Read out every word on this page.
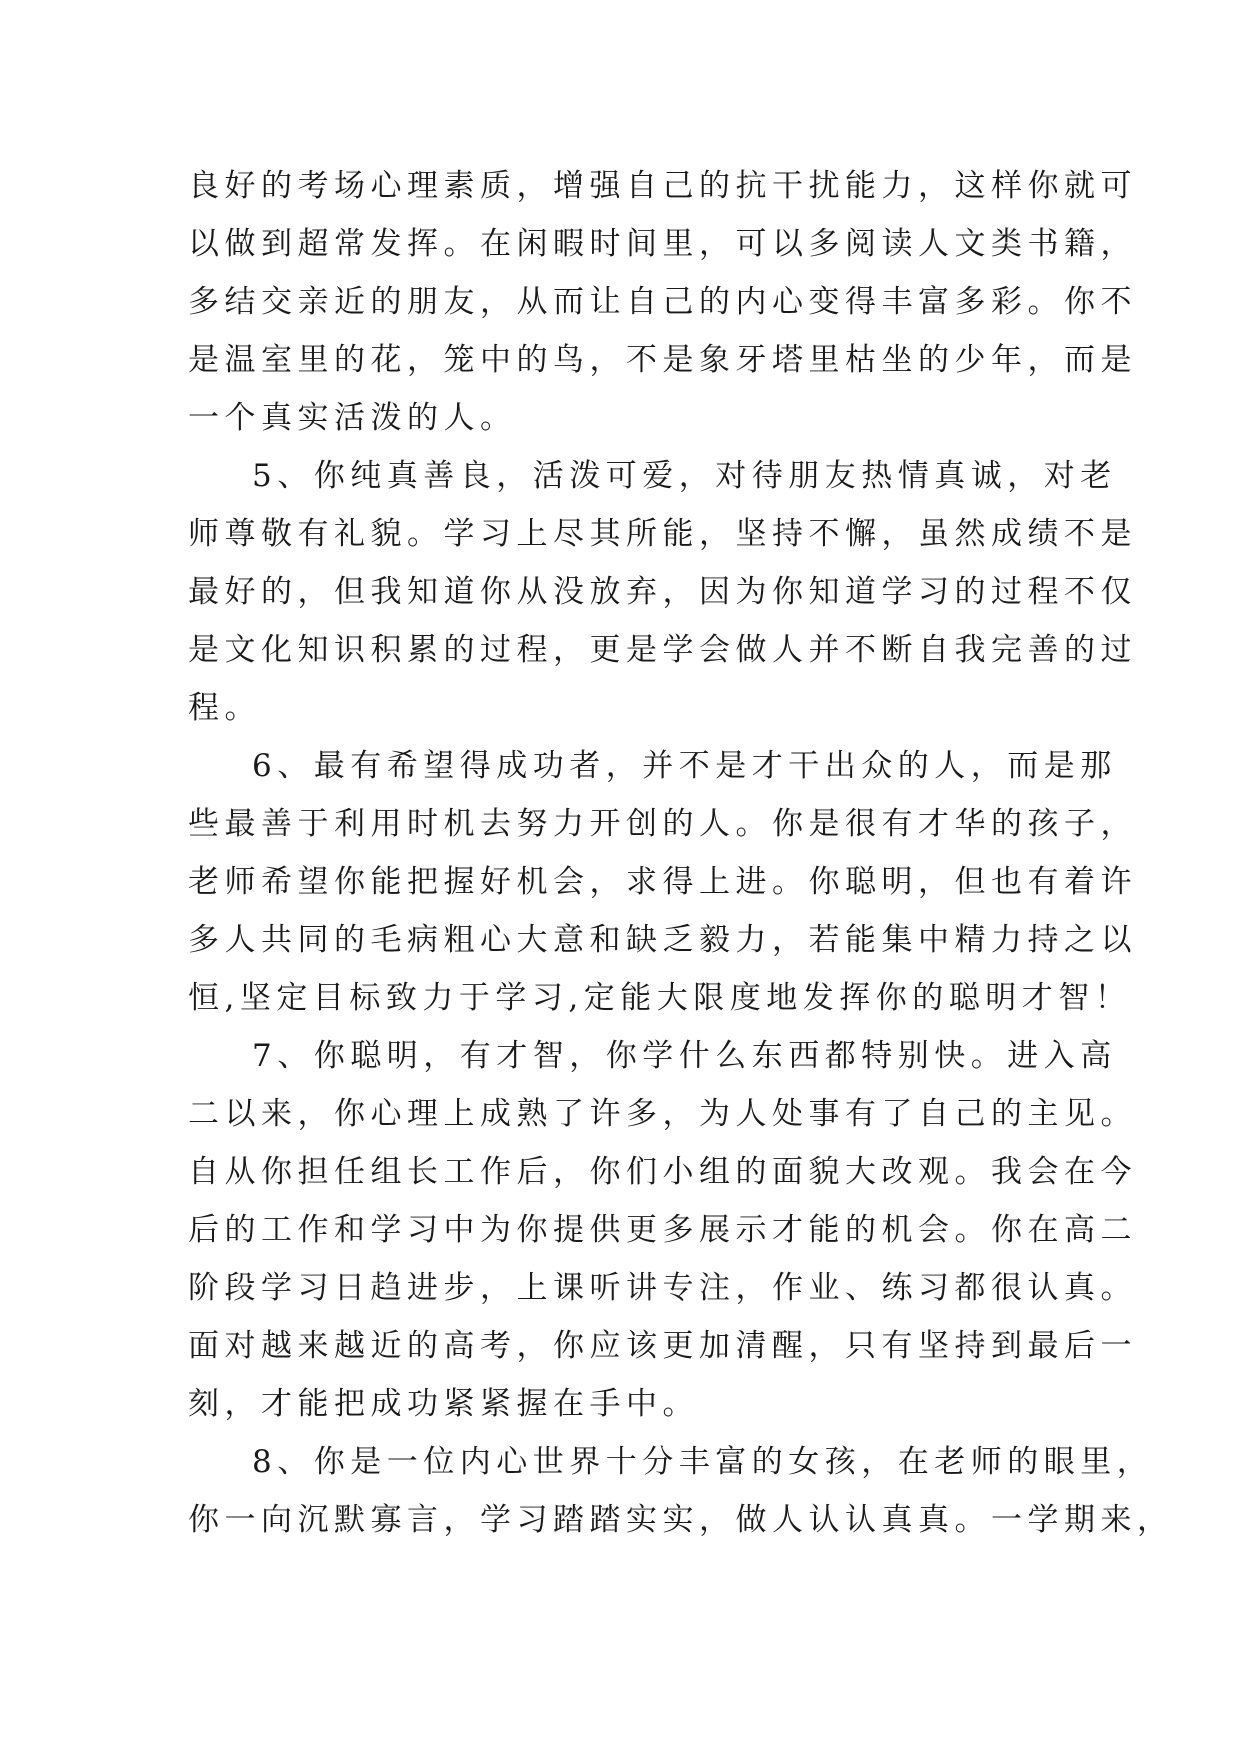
良好的考场心理素质，增强自己的抗干扰能力，这样你就可
以做到超常发挥。在闲暇时间里，可以多阅读人文类书籍，
多结交亲近的朋友，从而让自己的内心变得丰富多彩。你不
是温室里的花，笼中的鸟，不是象牙塔里枯坐的少年，而是
一个真实活泼的人。
5、你纯真善良，活泼可爱，对待朋友热情真诚，对老
师尊敬有礼貌。学习上尽其所能，坚持不懈，虽然成绩不是
最好的，但我知道你从没放弃，因为你知道学习的过程不仅
是文化知识积累的过程，更是学会做人并不断自我完善的过
程。
6、最有希望得成功者，并不是才干出众的人，而是那
些最善于利用时机去努力开创的人。你是很有才华的孩子，
老师希望你能把握好机会，求得上进。你聪明，但也有着许
多人共同的毛病粗心大意和缺乏毅力，若能集中精力持之以
恒,坚定目标致力于学习,定能大限度地发挥你的聪明才智！
7、你聪明，有才智，你学什么东西都特别快。进入高
二以来，你心理上成熟了许多，为人处事有了自己的主见。
自从你担任组长工作后，你们小组的面貌大改观。我会在今
后的工作和学习中为你提供更多展示才能的机会。你在高二
阶段学习日趋进步，上课听讲专注，作业、练习都很认真。
面对越来越近的高考，你应该更加清醒，只有坚持到最后一
刻，才能把成功紧紧握在手中。
8、你是一位内心世界十分丰富的女孩，在老师的眼里，
你一向沉默寡言，学习踏踏实实，做人认认真真。一学期来，
